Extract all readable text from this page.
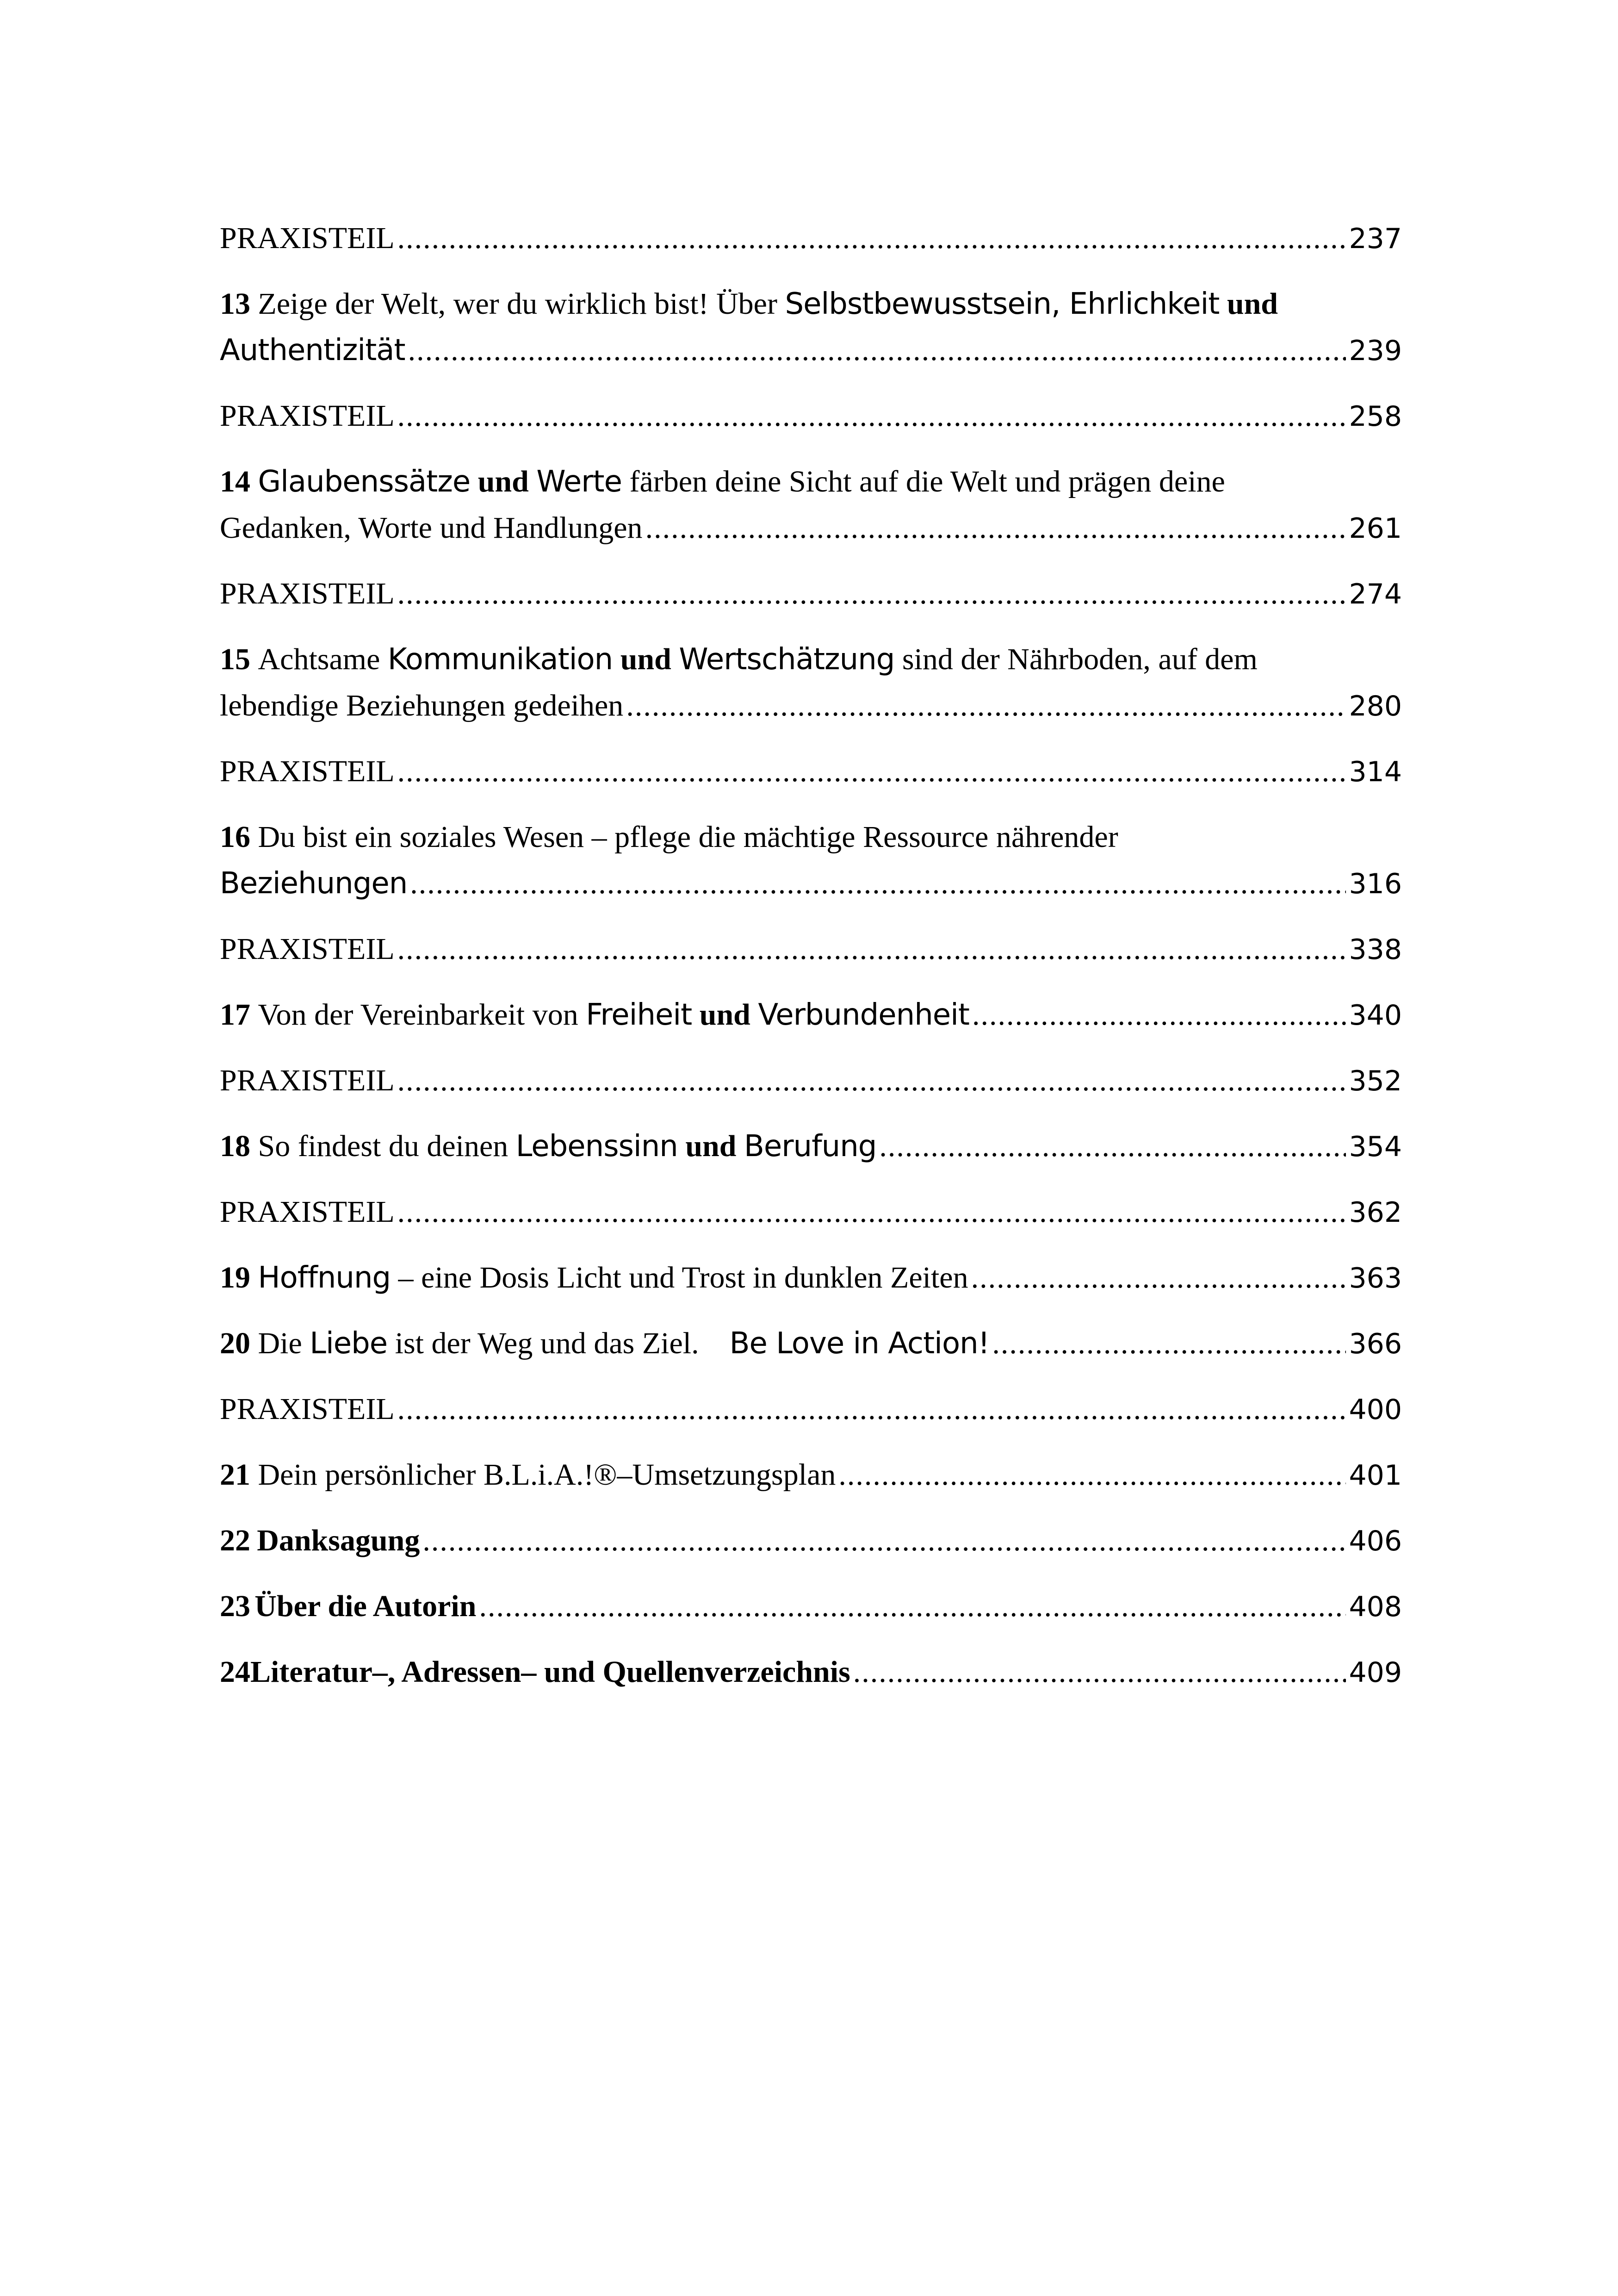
PRAXISTEIL .....	237
13
Zeige der Welt, wer du wirklich bist! Über
Selbstbewusstsein, Ehrlichkeit
und
Authentizität .....	239
PRAXISTEIL .....	258
14
Glaubenssätze
und
Werte
färben deine Sicht auf die Welt und prägen deine
Gedanken, Worte und Handlungen .....	261
PRAXISTEIL .....	274
15
Achtsame
Kommunikation
und
Wertschätzung
sind der Nährboden, auf dem
lebendige Beziehungen gedeihen .....	280
PRAXISTEIL .....	314
16
Du bist ein soziales Wesen – pflege die mächtige Ressource nährender
Beziehungen .....	316
PRAXISTEIL .....	338
17
Von der Vereinbarkeit von
Freiheit
und
Verbundenheit .....	340
PRAXISTEIL .....	352
18
So findest du deinen
Lebenssinn
und
Berufung .....	354
PRAXISTEIL .....	362
19
Hoffnung
– eine Dosis Licht und Trost in dunklen Zeiten .....	363
20
Die
Liebe
ist der Weg und das Ziel.
Be Love in Action! .....	366
PRAXISTEIL .....	400
21
Dein persönlicher B.L.i.A.!®–Umsetzungsplan .....	401
22 Danksagung .....	406
23 Über die Autorin .....	408
24 Literatur–, Adressen– und Quellenverzeichnis .....	409
